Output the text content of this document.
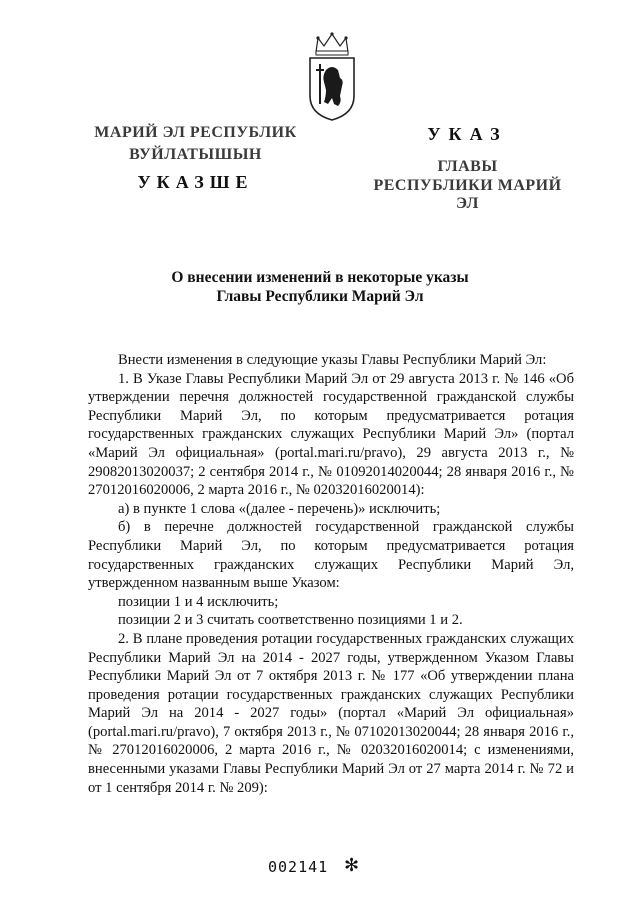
МАРИЙ ЭЛ РЕСПУБЛИК
ВУЙЛАТЫШЫН
УКАЗШЕ
УКАЗ
ГЛАВЫ
РЕСПУБЛИКИ МАРИЙ ЭЛ
О внесении изменений в некоторые указы
Главы Республики Марий Эл

Внести изменения в следующие указы Главы Республики Марий Эл:

1. В Указе Главы Республики Марий Эл от 29 августа 2013 г. № 146 «Об утверждении перечня должностей государственной гражданской службы Республики Марий Эл, по которым предусматривается ротация государственных гражданских служащих Республики Марий Эл» (портал «Марий Эл официальная» (portal.mari.ru/pravo), 29 августа 2013 г., № 29082013020037; 2 сентября 2014 г., № 01092014020044; 28 января 2016 г., № 27012016020006, 2 марта 2016 г., № 02032016020014):

а) в пункте 1 слова «(далее - перечень)» исключить;

б) в перечне должностей государственной гражданской службы Республики Марий Эл, по которым предусматривается ротация государственных гражданских служащих Республики Марий Эл, утвержденном названным выше Указом:

позиции 1 и 4 исключить;

позиции 2 и 3 считать соответственно позициями 1 и 2.

2. В плане проведения ротации государственных гражданских служащих Республики Марий Эл на 2014 - 2027 годы, утвержденном Указом Главы Республики Марий Эл от 7 октября 2013 г. № 177 «Об утверждении плана проведения ротации государственных гражданских служащих Республики Марий Эл на 2014 - 2027 годы» (портал «Марий Эл официальная» (portal.mari.ru/pravo), 7 октября 2013 г., № 07102013020044; 28 января 2016 г., № 27012016020006, 2 марта 2016 г., № 02032016020014; с изменениями, внесенными указами Главы Республики Марий Эл от 27 марта 2014 г. № 72 и от 1 сентября 2014 г. № 209):

002141 ✻
